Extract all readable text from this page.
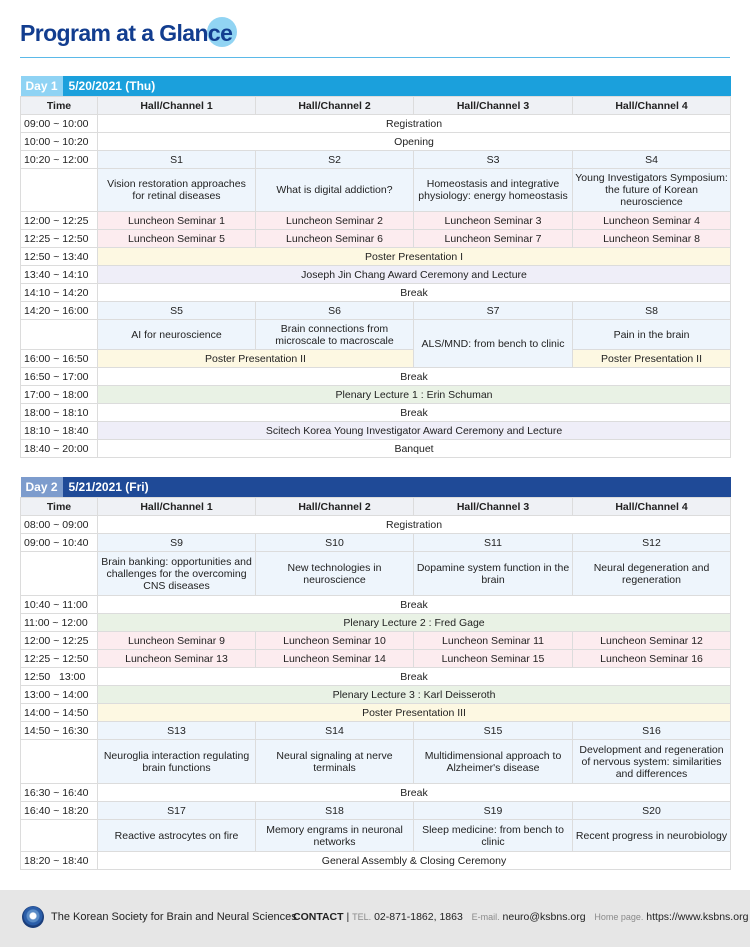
Program at a Glance
Day 1 5/20/2021 (Thu)				
Time	Hall/Channel 1	Hall/Channel 2	Hall/Channel 3	Hall/Channel 4
09:00 ~ 10:00	Registration			
10:00 ~ 10:20	Opening			
10:20 ~ 12:00	S1	S2	S3	S4
	Vision restoration approaches for retinal diseases	What is digital addiction?	Homeostasis and integrative physiology: energy homeostasis	Young Investigators Symposium: the future of Korean neuroscience
12:00 ~ 12:25	Luncheon Seminar 1	Luncheon Seminar 2	Luncheon Seminar 3	Luncheon Seminar 4
12:25 ~ 12:50	Luncheon Seminar 5	Luncheon Seminar 6	Luncheon Seminar 7	Luncheon Seminar 8
12:50 ~ 13:40	Poster Presentation I			
13:40 ~ 14:10	Joseph Jin Chang Award Ceremony and Lecture			
14:10 ~ 14:20	Break			
14:20 ~ 16:00	S5	S6	S7	S8
	AI for neuroscience	Brain connections from microscale to macroscale	ALS/MND: from bench to clinic	Pain in the brain
16:00 ~ 16:50	Poster Presentation II			Poster Presentation II
16:50 ~ 17:00	Break			
17:00 ~ 18:00	Plenary Lecture 1 : Erin Schuman			
18:00 ~ 18:10	Break			
18:10 ~ 18:40	Scitech Korea Young Investigator Award Ceremony and Lecture			
18:40 ~ 20:00	Banquet			
Day 2 5/21/2021 (Fri)				
Time	Hall/Channel 1	Hall/Channel 2	Hall/Channel 3	Hall/Channel 4
08:00 ~ 09:00	Registration			
09:00 ~ 10:40	S9	S10	S11	S12
	Brain banking: opportunities and challenges for the overcoming CNS diseases	New technologies in neuroscience	Dopamine system function in the brain	Neural degeneration and regeneration
10:40 ~ 11:00	Break			
11:00 ~ 12:00	Plenary Lecture 2 : Fred Gage			
12:00 ~ 12:25	Luncheon Seminar 9	Luncheon Seminar 10	Luncheon Seminar 11	Luncheon Seminar 12
12:25 ~ 12:50	Luncheon Seminar 13	Luncheon Seminar 14	Luncheon Seminar 15	Luncheon Seminar 16
12:50   13:00	Break			
13:00 ~ 14:00	Plenary Lecture 3 : Karl Deisseroth			
14:00 ~ 14:50	Poster Presentation III			
14:50 ~ 16:30	S13	S14	S15	S16
	Neuroglia interaction regulating brain functions	Neural signaling at nerve terminals	Multidimensional approach to Alzheimer's disease	Development and regeneration of nervous system: similarities and differences
16:30 ~ 16:40	Break			
16:40 ~ 18:20	S17	S18	S19	S20
	Reactive astrocytes on fire	Memory engrams in neuronal networks	Sleep medicine: from bench to clinic	Recent progress in neurobiology
18:20 ~ 18:40	General Assembly & Closing Ceremony			
The Korean Society for Brain and Neural Sciences
CONTACT | TEL. 02-871-1862, 1863 E-mail. neuro@ksbns.org Home page. https://www.ksbns.org
